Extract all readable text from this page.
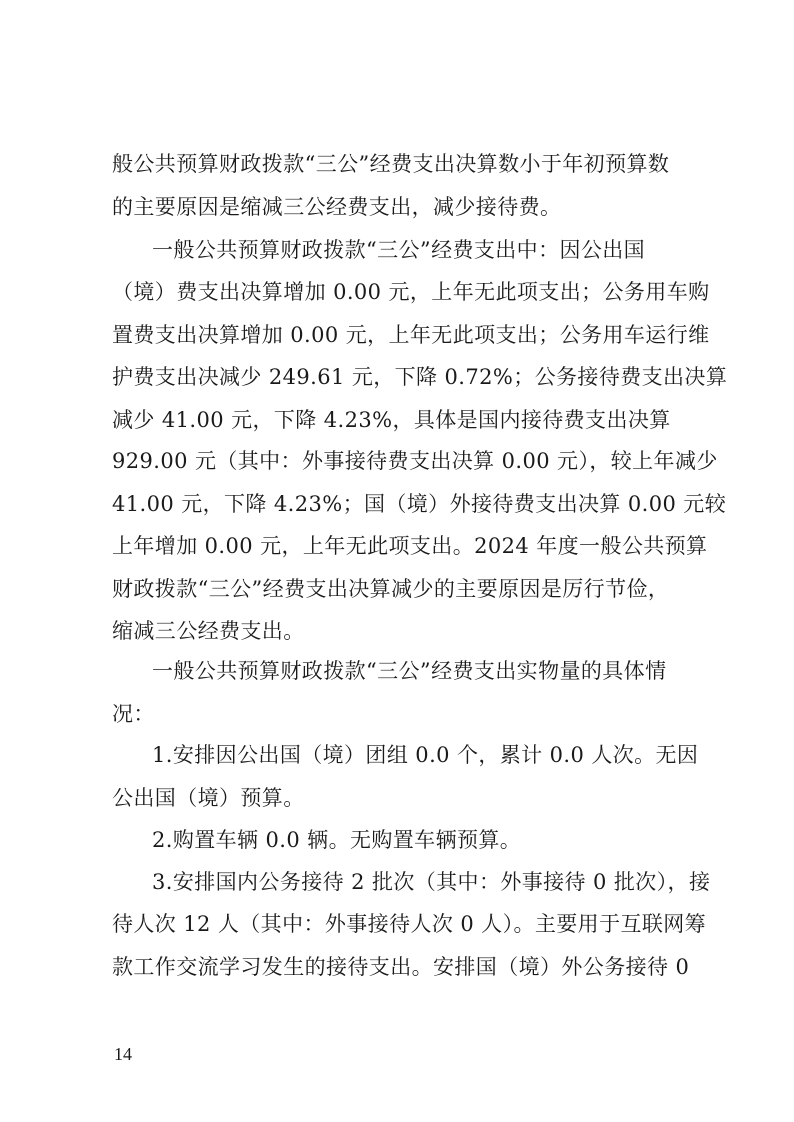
般公共预算财政拨款“三公”经费支出决算数小于年初预算数
的主要原因是缩减三公经费支出，减少接待费。
一般公共预算财政拨款“三公”经费支出中：因公出国
（境）费支出决算增加 0.00 元，上年无此项支出；公务用车购
置费支出决算增加 0.00 元，上年无此项支出；公务用车运行维
护费支出决减少 249.61 元，下降 0.72%；公务接待费支出决算
减少 41.00 元，下降 4.23%，具体是国内接待费支出决算
929.00 元（其中：外事接待费支出决算 0.00 元），较上年减少
41.00 元，下降 4.23%；国（境）外接待费支出决算 0.00 元较
上年增加 0.00 元，上年无此项支出。2024 年度一般公共预算
财政拨款“三公”经费支出决算减少的主要原因是厉行节俭，
缩减三公经费支出。
一般公共预算财政拨款“三公”经费支出实物量的具体情
况：
1.安排因公出国（境）团组 0.0 个，累计 0.0 人次。无因
公出国（境）预算。
2.购置车辆 0.0 辆。无购置车辆预算。
3.安排国内公务接待 2 批次（其中：外事接待 0 批次），接
待人次 12 人（其中：外事接待人次 0 人）。主要用于互联网筹
款工作交流学习发生的接待支出。安排国（境）外公务接待 0
14
